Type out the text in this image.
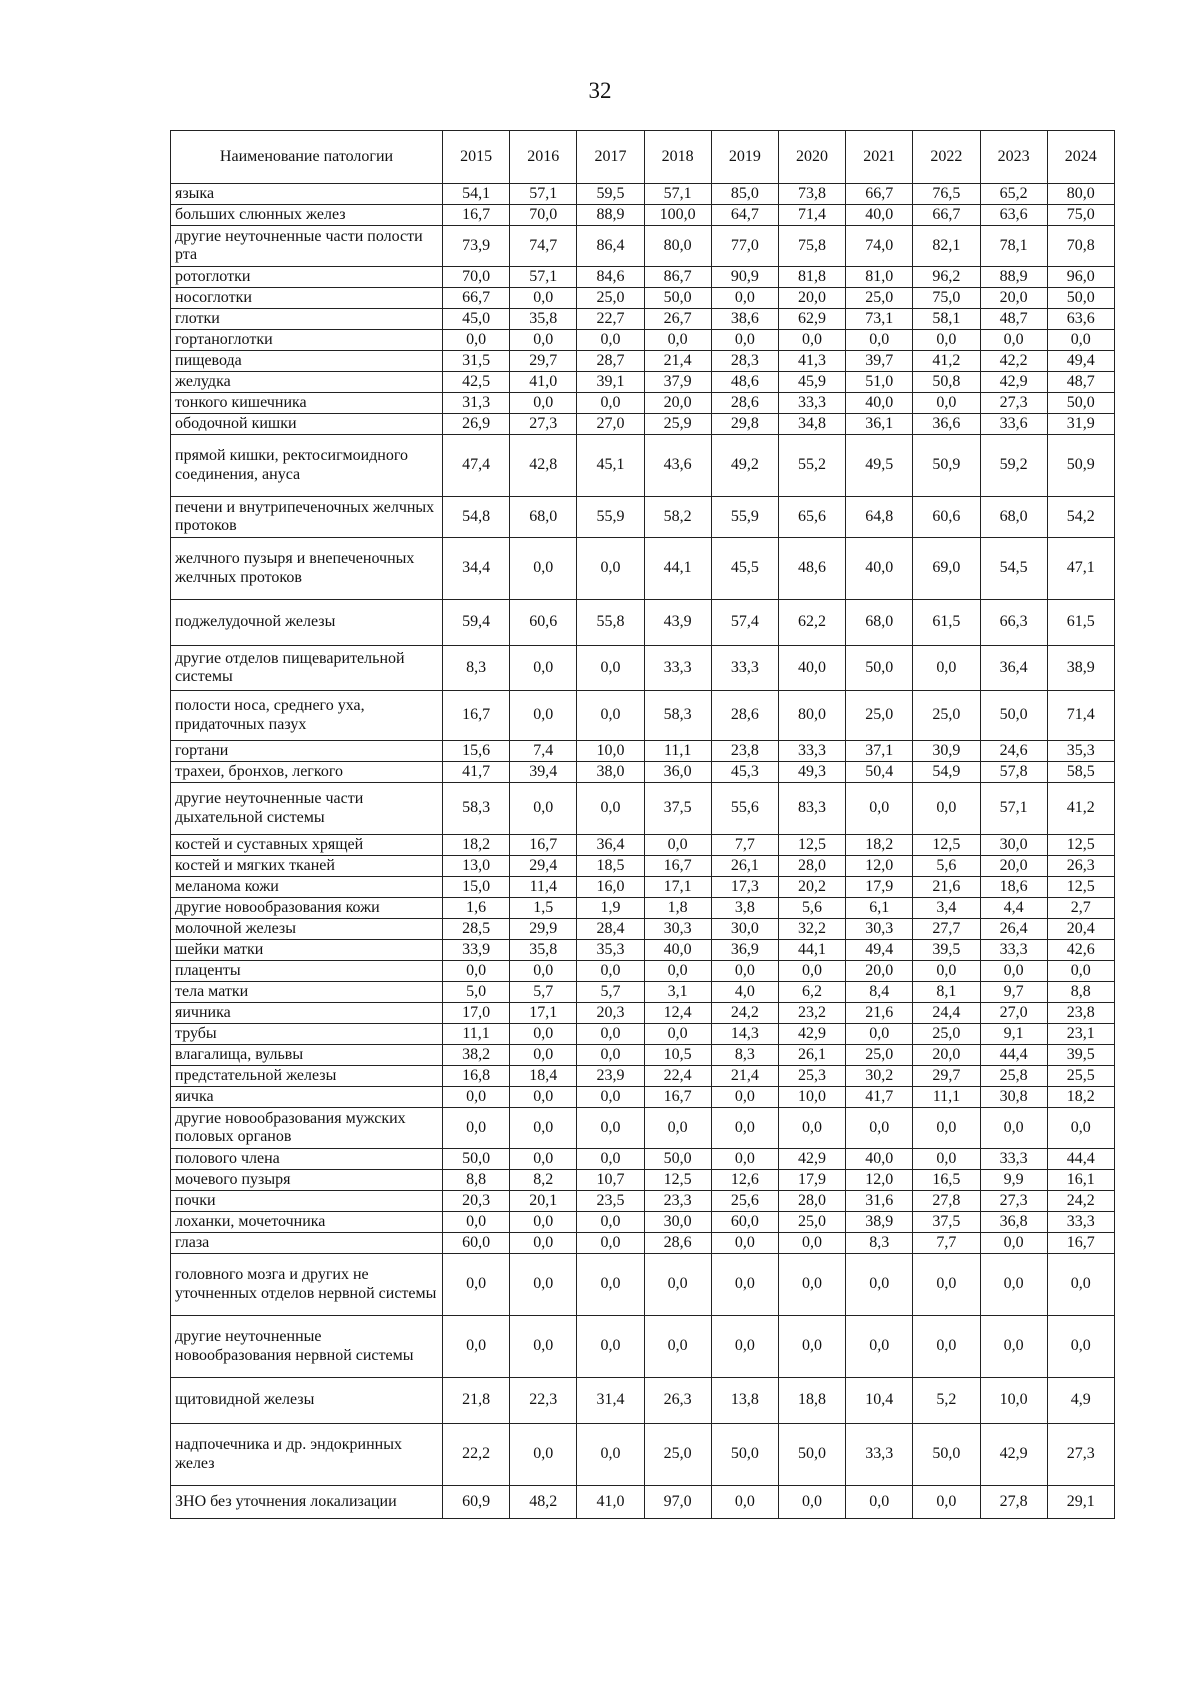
32
Наименование патологии	2015	2016	2017	2018	2019	2020	2021	2022	2023	2024
языка	54,1	57,1	59,5	57,1	85,0	73,8	66,7	76,5	65,2	80,0
больших слюнных желез	16,7	70,0	88,9	100,0	64,7	71,4	40,0	66,7	63,6	75,0
другие неуточненные части полости рта	73,9	74,7	86,4	80,0	77,0	75,8	74,0	82,1	78,1	70,8
ротоглотки	70,0	57,1	84,6	86,7	90,9	81,8	81,0	96,2	88,9	96,0
носоглотки	66,7	0,0	25,0	50,0	0,0	20,0	25,0	75,0	20,0	50,0
глотки	45,0	35,8	22,7	26,7	38,6	62,9	73,1	58,1	48,7	63,6
гортаноглотки	0,0	0,0	0,0	0,0	0,0	0,0	0,0	0,0	0,0	0,0
пищевода	31,5	29,7	28,7	21,4	28,3	41,3	39,7	41,2	42,2	49,4
желудка	42,5	41,0	39,1	37,9	48,6	45,9	51,0	50,8	42,9	48,7
тонкого кишечника	31,3	0,0	0,0	20,0	28,6	33,3	40,0	0,0	27,3	50,0
ободочной кишки	26,9	27,3	27,0	25,9	29,8	34,8	36,1	36,6	33,6	31,9
прямой кишки, ректосигмоидного соединения, ануса	47,4	42,8	45,1	43,6	49,2	55,2	49,5	50,9	59,2	50,9
печени и внутрипеченочных желчных протоков	54,8	68,0	55,9	58,2	55,9	65,6	64,8	60,6	68,0	54,2
желчного пузыря и внепеченочных желчных протоков	34,4	0,0	0,0	44,1	45,5	48,6	40,0	69,0	54,5	47,1
поджелудочной железы	59,4	60,6	55,8	43,9	57,4	62,2	68,0	61,5	66,3	61,5
другие отделов пищеварительной системы	8,3	0,0	0,0	33,3	33,3	40,0	50,0	0,0	36,4	38,9
полости носа, среднего уха, придаточных пазух	16,7	0,0	0,0	58,3	28,6	80,0	25,0	25,0	50,0	71,4
гортани	15,6	7,4	10,0	11,1	23,8	33,3	37,1	30,9	24,6	35,3
трахеи, бронхов, легкого	41,7	39,4	38,0	36,0	45,3	49,3	50,4	54,9	57,8	58,5
другие неуточненные части дыхательной системы	58,3	0,0	0,0	37,5	55,6	83,3	0,0	0,0	57,1	41,2
костей и суставных хрящей	18,2	16,7	36,4	0,0	7,7	12,5	18,2	12,5	30,0	12,5
костей и мягких тканей	13,0	29,4	18,5	16,7	26,1	28,0	12,0	5,6	20,0	26,3
меланома кожи	15,0	11,4	16,0	17,1	17,3	20,2	17,9	21,6	18,6	12,5
другие новообразования кожи	1,6	1,5	1,9	1,8	3,8	5,6	6,1	3,4	4,4	2,7
молочной железы	28,5	29,9	28,4	30,3	30,0	32,2	30,3	27,7	26,4	20,4
шейки матки	33,9	35,8	35,3	40,0	36,9	44,1	49,4	39,5	33,3	42,6
плаценты	0,0	0,0	0,0	0,0	0,0	0,0	20,0	0,0	0,0	0,0
тела матки	5,0	5,7	5,7	3,1	4,0	6,2	8,4	8,1	9,7	8,8
яичника	17,0	17,1	20,3	12,4	24,2	23,2	21,6	24,4	27,0	23,8
трубы	11,1	0,0	0,0	0,0	14,3	42,9	0,0	25,0	9,1	23,1
влагалища, вульвы	38,2	0,0	0,0	10,5	8,3	26,1	25,0	20,0	44,4	39,5
предстательной железы	16,8	18,4	23,9	22,4	21,4	25,3	30,2	29,7	25,8	25,5
яичка	0,0	0,0	0,0	16,7	0,0	10,0	41,7	11,1	30,8	18,2
другие новообразования мужских половых органов	0,0	0,0	0,0	0,0	0,0	0,0	0,0	0,0	0,0	0,0
полового члена	50,0	0,0	0,0	50,0	0,0	42,9	40,0	0,0	33,3	44,4
мочевого пузыря	8,8	8,2	10,7	12,5	12,6	17,9	12,0	16,5	9,9	16,1
почки	20,3	20,1	23,5	23,3	25,6	28,0	31,6	27,8	27,3	24,2
лоханки, мочеточника	0,0	0,0	0,0	30,0	60,0	25,0	38,9	37,5	36,8	33,3
глаза	60,0	0,0	0,0	28,6	0,0	0,0	8,3	7,7	0,0	16,7
головного мозга и других не уточненных отделов нервной системы	0,0	0,0	0,0	0,0	0,0	0,0	0,0	0,0	0,0	0,0
другие неуточненные новообразования нервной системы	0,0	0,0	0,0	0,0	0,0	0,0	0,0	0,0	0,0	0,0
щитовидной железы	21,8	22,3	31,4	26,3	13,8	18,8	10,4	5,2	10,0	4,9
надпочечника и др. эндокринных желез	22,2	0,0	0,0	25,0	50,0	50,0	33,3	50,0	42,9	27,3
ЗНО без уточнения локализации	60,9	48,2	41,0	97,0	0,0	0,0	0,0	0,0	27,8	29,1
